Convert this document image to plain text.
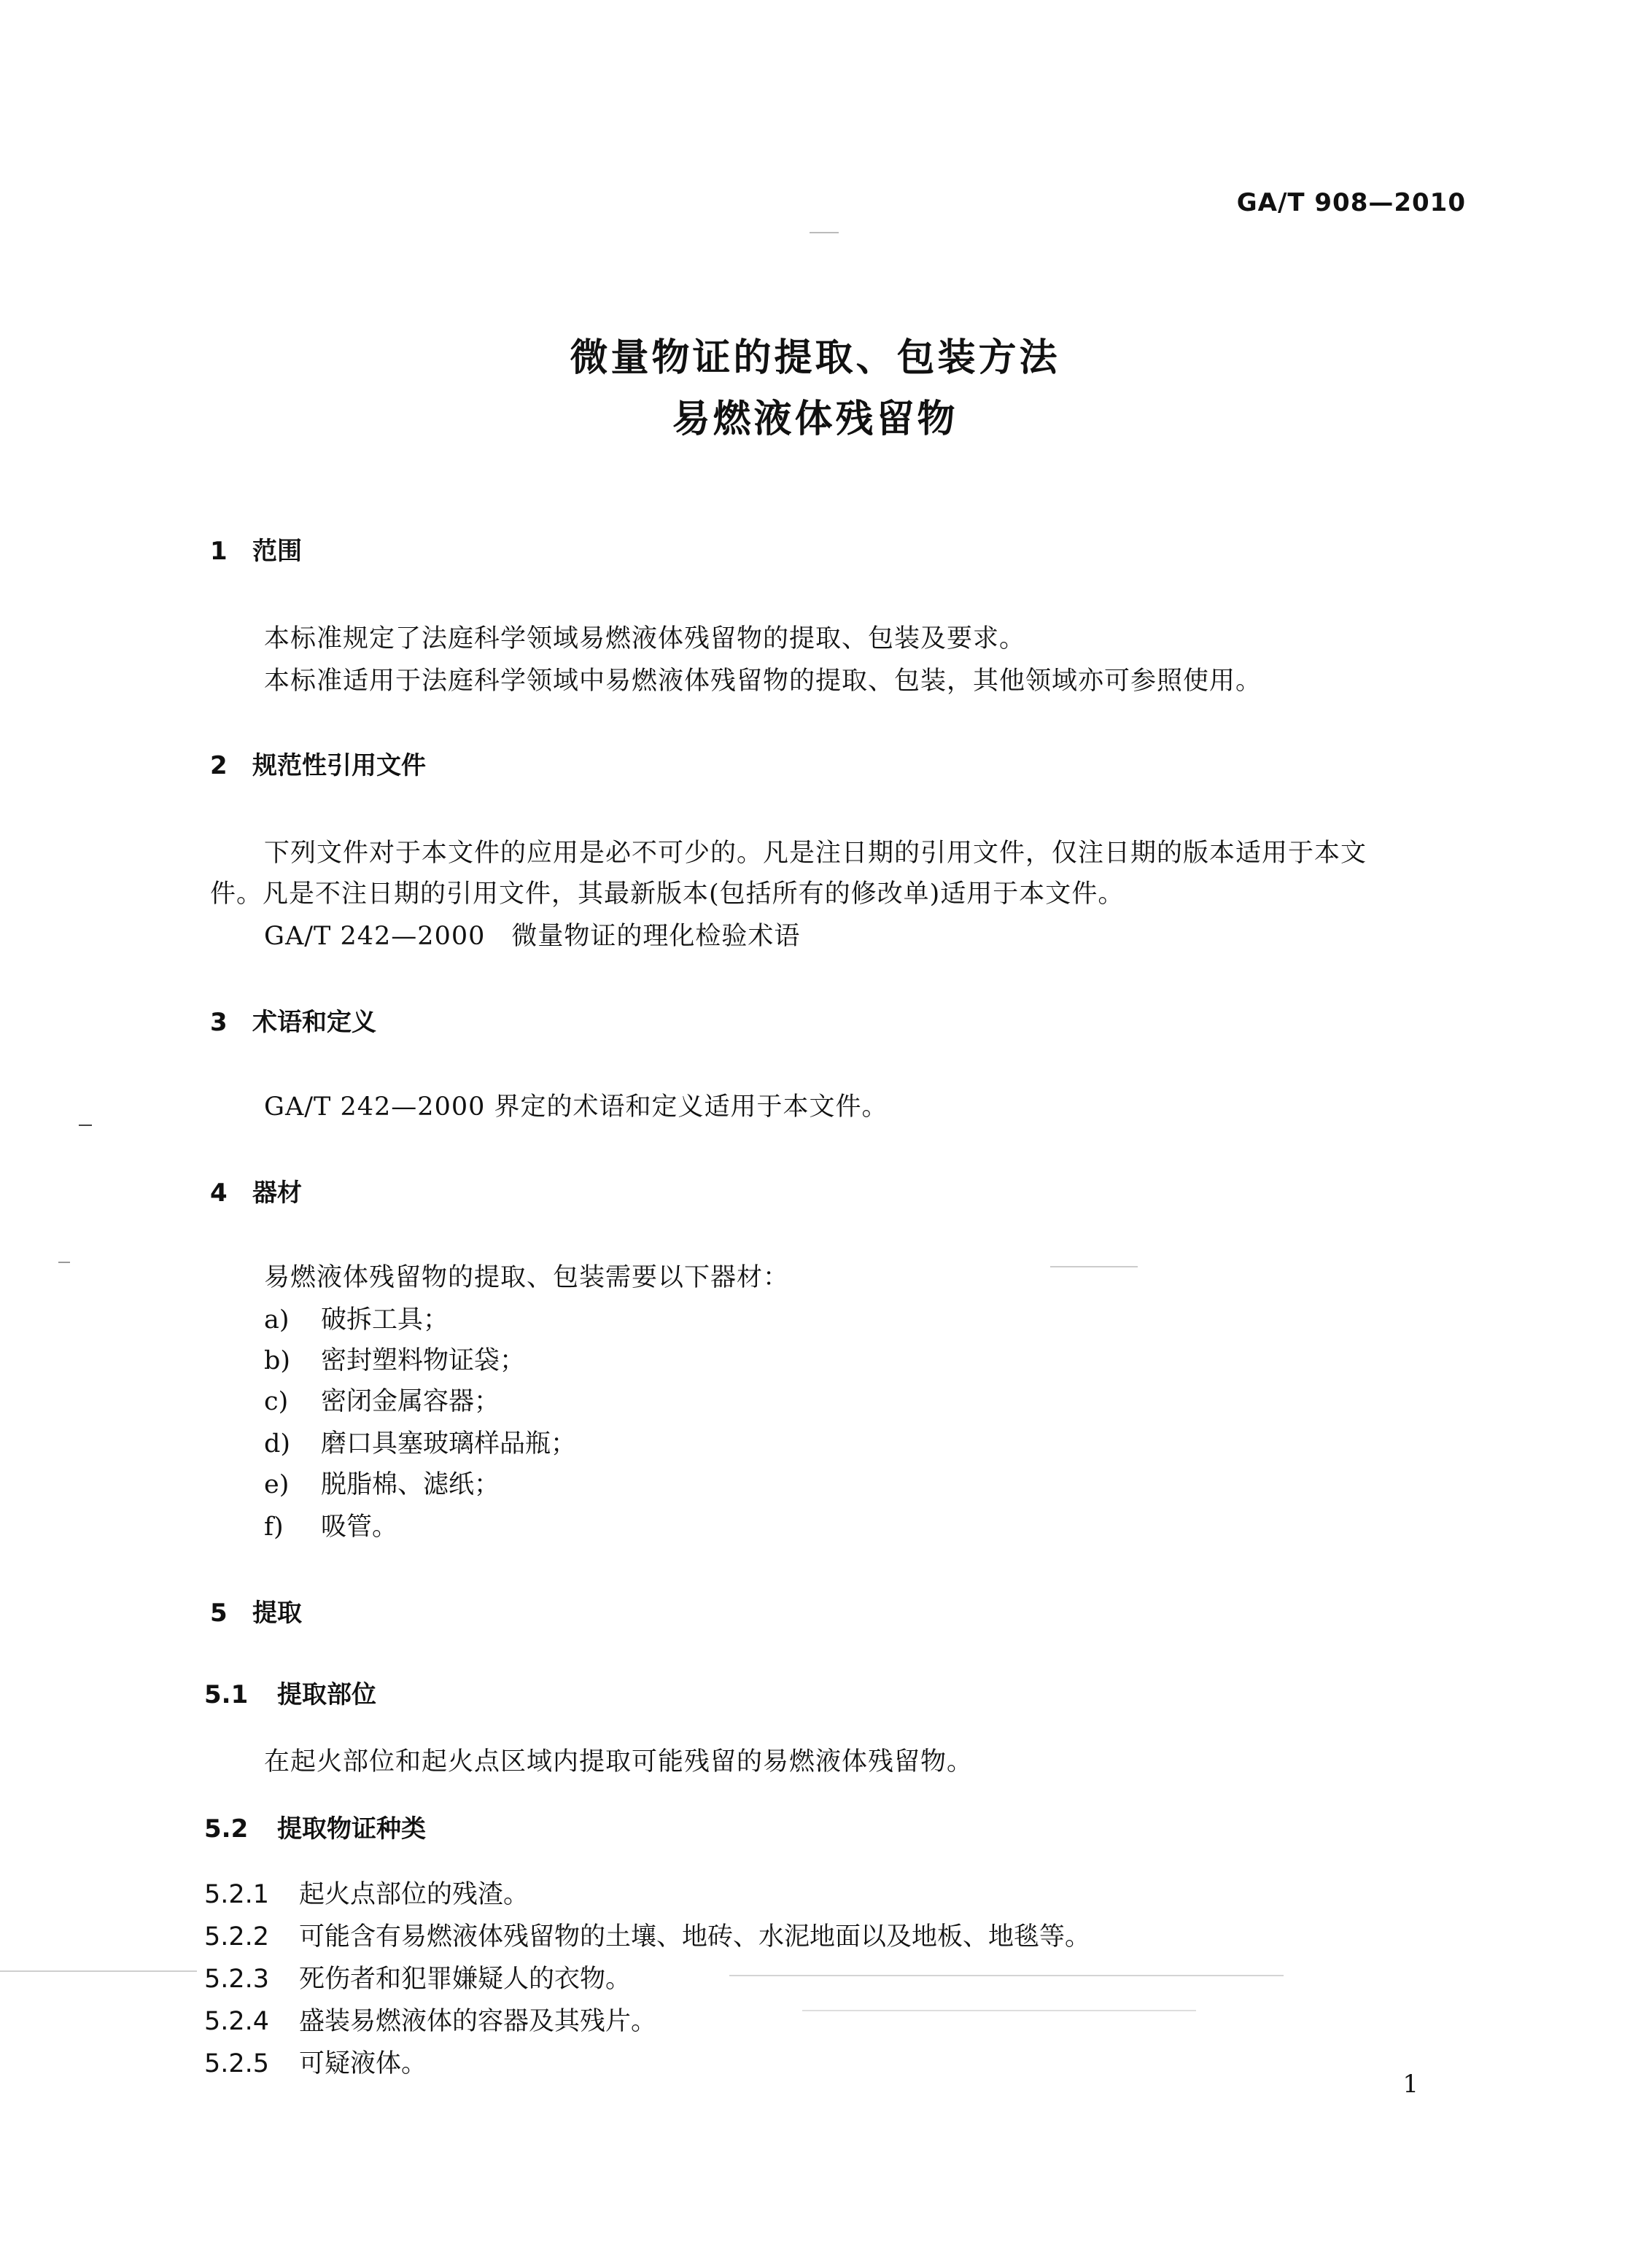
GA/T 908—2010
微量物证的提取、包装方法
易燃液体残留物
1 范围
本标准规定了法庭科学领域易燃液体残留物的提取、包装及要求。
本标准适用于法庭科学领域中易燃液体残留物的提取、包装，其他领域亦可参照使用。
2 规范性引用文件
下列文件对于本文件的应用是必不可少的。凡是注日期的引用文件，仅注日期的版本适用于本文
件。凡是不注日期的引用文件，其最新版本(包括所有的修改单)适用于本文件。
GA/T 242—2000　微量物证的理化检验术语
3 术语和定义
GA/T 242—2000 界定的术语和定义适用于本文件。
4 器材
易燃液体残留物的提取、包装需要以下器材：
a) 破拆工具；
b) 密封塑料物证袋；
c) 密闭金属容器；
d) 磨口具塞玻璃样品瓶；
e) 脱脂棉、滤纸；
f) 吸管。
5 提取
5.1 提取部位
在起火部位和起火点区域内提取可能残留的易燃液体残留物。
5.2 提取物证种类
5.2.1 起火点部位的残渣。
5.2.2 可能含有易燃液体残留物的土壤、地砖、水泥地面以及地板、地毯等。
5.2.3 死伤者和犯罪嫌疑人的衣物。
5.2.4 盛装易燃液体的容器及其残片。
5.2.5 可疑液体。
1
